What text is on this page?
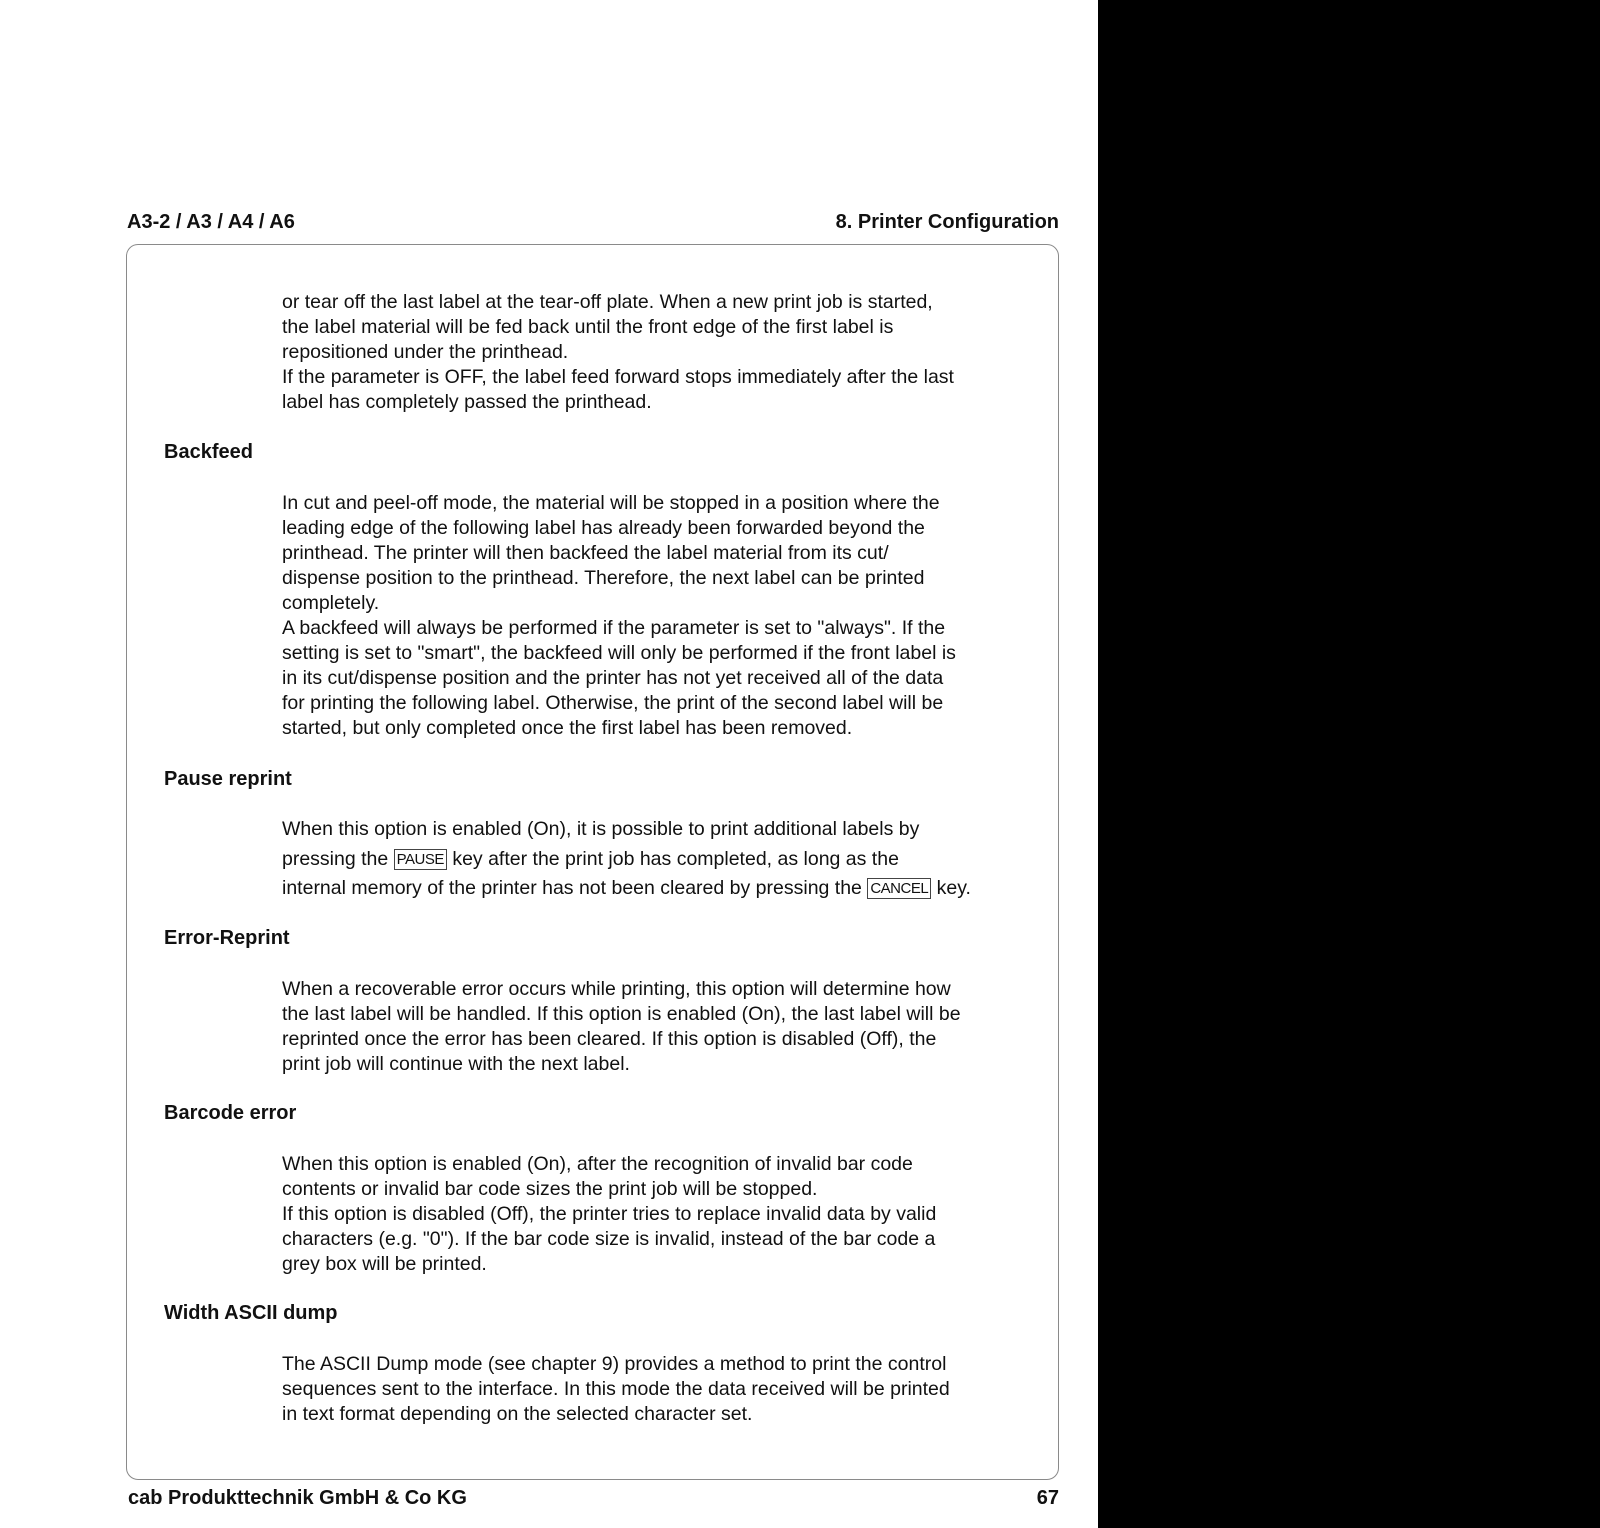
A3-2 / A3 / A4 / A6	8. Printer Configuration

or tear off the last label at the tear-off plate. When a new print job is started,

the label material will be fed back until the front edge of the first label is

repositioned under the printhead.

If the parameter is OFF, the label feed forward stops immediately after the last

label has completely passed the printhead.

Backfeed

In cut and peel-off mode, the material will be stopped in a position where the

leading edge of the following label has already been forwarded beyond the

printhead. The printer will then backfeed the label material from its cut/

dispense position to the printhead. Therefore, the next label can be printed

completely.

A backfeed will always be performed if the parameter is set to "always". If the

setting is set to "smart", the backfeed will only be performed if the front label is

in its cut/dispense position and the printer has not yet received all of the data

for printing the following label. Otherwise, the print of the second label will be

started, but only completed once the first label has been removed.

Pause reprint

When this option is enabled (On), it is possible to print additional labels by

pressing the PAUSE key after the print job has completed, as long as the

internal memory of the printer has not been cleared by pressing the CANCEL key.

Error-Reprint

When a recoverable error occurs while printing, this option will determine how

the last label will be handled. If this option is enabled (On), the last label will be

reprinted once the error has been cleared. If this option is disabled (Off), the

print job will continue with the next label.

Barcode error

When this option is enabled (On), after the recognition of invalid bar code

contents or invalid bar code sizes the print job will be stopped.

If this option is disabled (Off), the printer tries to replace invalid data by valid

characters (e.g. "0"). If the bar code size is invalid, instead of the bar code a

grey box will be printed.

Width ASCII dump

The ASCII Dump mode (see chapter 9) provides a method to print the control

sequences sent to the interface. In this mode the data received will be printed

in text format depending on the selected character set.

cab Produkttechnik GmbH & Co KG	67
